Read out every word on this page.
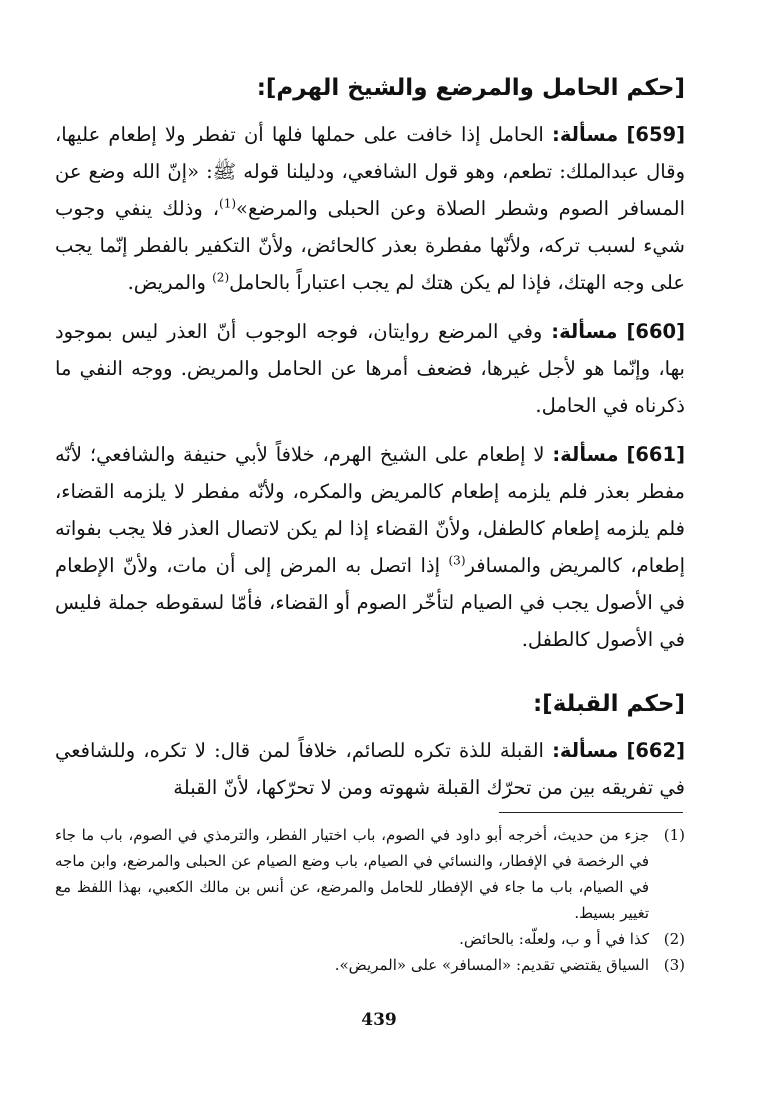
[حكم الحامل والمرضع والشيخ الهرم]:

[659] مسألة: الحامل إذا خافت على حملها فلها أن تفطر ولا إطعام عليها، وقال عبدالملك: تطعم، وهو قول الشافعي، ودليلنا قوله ﷺ: «إنّ الله وضع عن المسافر الصوم وشطر الصلاة وعن الحبلى والمرضع»$^{(1)}$، وذلك ينفي وجوب شيء لسبب تركه، ولأنّها مفطرة بعذر كالحائض، ولأنّ التكفير بالفطر إنّما يجب على وجه الهتك، فإذا لم يكن هتك لم يجب اعتباراً بالحامل$^{(2)}$ والمريض.

[660] مسألة: وفي المرضع روايتان، فوجه الوجوب أنّ العذر ليس بموجود بها، وإنّما هو لأجل غيرها، فضعف أمرها عن الحامل والمريض. ووجه النفي ما ذكرناه في الحامل.

[661] مسألة: لا إطعام على الشيخ الهرم، خلافاً لأبي حنيفة والشافعي؛ لأنّه مفطر بعذر فلم يلزمه إطعام كالمريض والمكره، ولأنّه مفطر لا يلزمه القضاء، فلم يلزمه إطعام كالطفل، ولأنّ القضاء إذا لم يكن لاتصال العذر فلا يجب بفواته إطعام، كالمريض والمسافر$^{(3)}$ إذا اتصل به المرض إلى أن مات، ولأنّ الإطعام في الأصول يجب في الصيام لتأخّر الصوم أو القضاء، فأمّا لسقوطه جملة فليس في الأصول كالطفل.

[حكم القبلة]:

[662] مسألة: القبلة للذة تكره للصائم، خلافاً لمن قال: لا تكره، وللشافعي في تفريقه بين من تحرّك القبلة شهوته ومن لا تحرّكها، لأنّ القبلة

(1)
جزء من حديث، أخرجه أبو داود في الصوم، باب اختيار الفطر، والترمذي في الصوم، باب ما جاء في الرخصة في الإفطار، والنسائي في الصيام، باب وضع الصيام عن الحبلى والمرضع، وابن ماجه في الصيام، باب ما جاء في الإفطار للحامل والمرضع، عن أنس بن مالك الكعبي، بهذا اللفظ مع تغيير بسيط.
(2)
كذا في أ و ب، ولعلّه: بالحائض.
(3)
السياق يقتضي تقديم: «المسافر» على «المريض».
439
